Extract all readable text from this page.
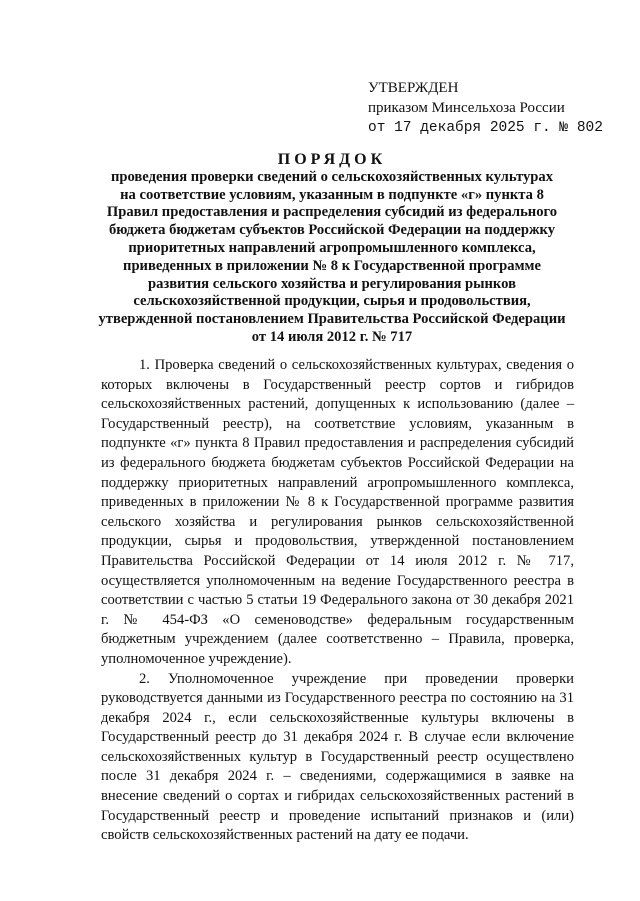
УТВЕРЖДЕН
приказом Минсельхоза России
от 17 декабря 2025 г. № 802
ПОРЯДОК
проведения проверки сведений о сельскохозяйственных культурах
на соответствие условиям, указанным в подпункте «г» пункта 8
Правил предоставления и распределения субсидий из федерального
бюджета бюджетам субъектов Российской Федерации на поддержку
приоритетных направлений агропромышленного комплекса,
приведенных в приложении № 8 к Государственной программе
развития сельского хозяйства и регулирования рынков
сельскохозяйственной продукции, сырья и продовольствия,
утвержденной постановлением Правительства Российской Федерации
от 14 июля 2012 г. № 717

1. Проверка сведений о сельскохозяйственных культурах, сведения о которых включены в Государственный реестр сортов и гибридов сельскохозяйственных растений, допущенных к использованию (далее – Государственный реестр), на соответствие условиям, указанным в подпункте «г» пункта 8 Правил предоставления и распределения субсидий из федерального бюджета бюджетам субъектов Российской Федерации на поддержку приоритетных направлений агропромышленного комплекса, приведенных в приложении № 8 к Государственной программе развития сельского хозяйства и регулирования рынков сельскохозяйственной продукции, сырья и продовольствия, утвержденной постановлением Правительства Российской Федерации от 14 июля 2012 г. № 717, осуществляется уполномоченным на ведение Государственного реестра в соответствии с частью 5 статьи 19 Федерального закона от 30 декабря 2021 г. № 454-ФЗ «О семеноводстве» федеральным государственным бюджетным учреждением (далее соответственно – Правила, проверка, уполномоченное учреждение).

2. Уполномоченное учреждение при проведении проверки руководствуется данными из Государственного реестра по состоянию на 31 декабря 2024 г., если сельскохозяйственные культуры включены в Государственный реестр до 31 декабря 2024 г. В случае если включение сельскохозяйственных культур в Государственный реестр осуществлено после 31 декабря 2024 г. – сведениями, содержащимися в заявке на внесение сведений о сортах и гибридах сельскохозяйственных растений в Государственный реестр и проведение испытаний признаков и (или) свойств сельскохозяйственных растений на дату ее подачи.
